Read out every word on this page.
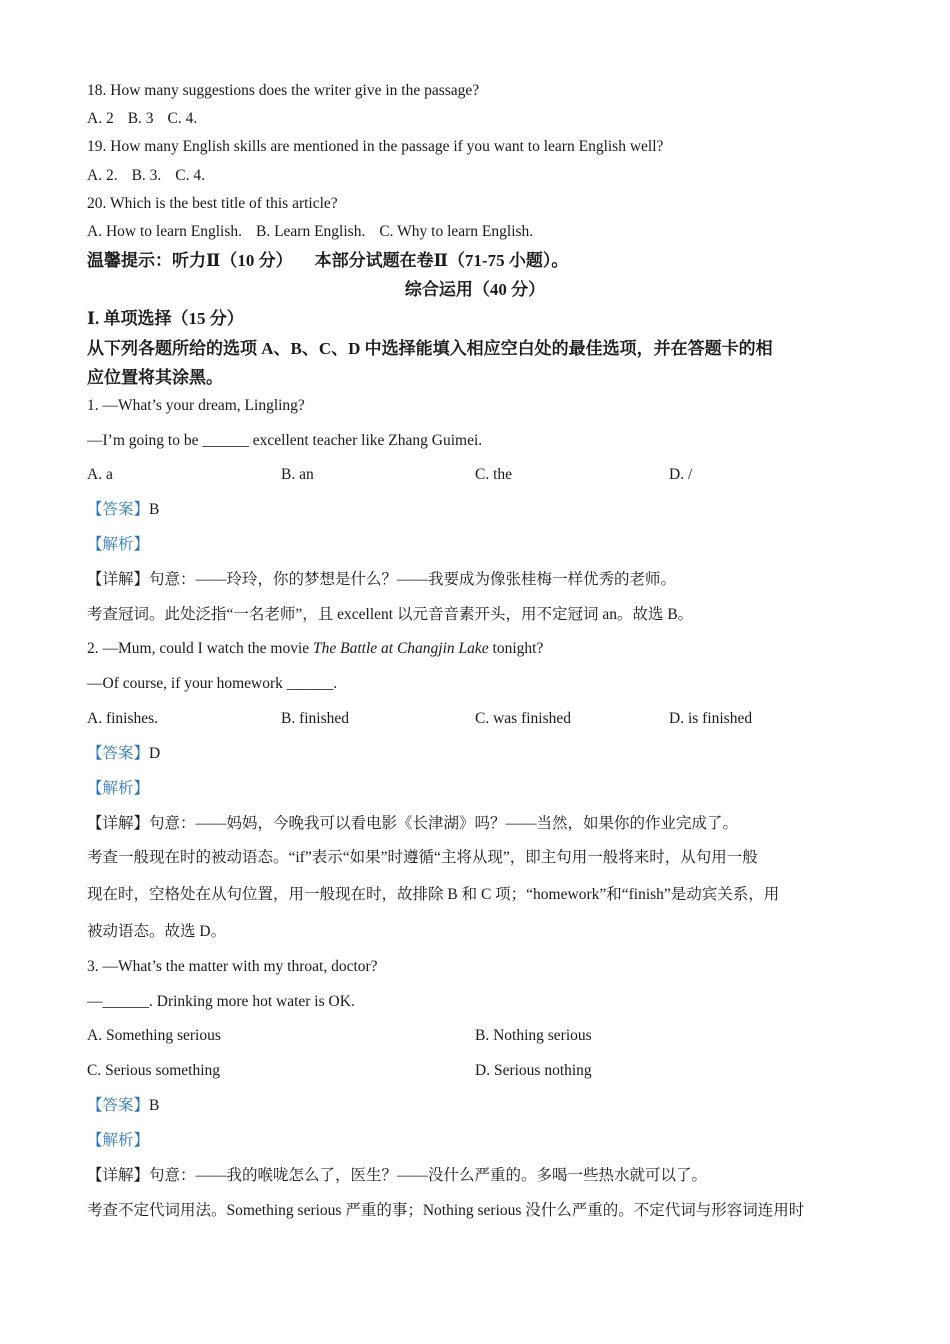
18. How many suggestions does the writer give in the passage?
A. 2 B. 3 C. 4.
19. How many English skills are mentioned in the passage if you want to learn English well?
A. 2. B. 3. C. 4.
20. Which is the best title of this article?
A. How to learn English. B. Learn English. C. Why to learn English.
温馨提示：听力Ⅱ（10 分） 本部分试题在卷Ⅱ（71-75 小题）。
综合运用（40 分）
Ⅰ. 单项选择（15 分）
从下列各题所给的选项 A、B、C、D 中选择能填入相应空白处的最佳选项，并在答题卡的相
应位置将其涂黑。
1. —What’s your dream, Lingling?
—I’m going to be ______ excellent teacher like Zhang Guimei.
A. a	B. an	C. the	D. /
【答案】B
【解析】
【详解】句意：——玲玲，你的梦想是什么？——我要成为像张桂梅一样优秀的老师。
考查冠词。此处泛指“一名老师”，且 excellent 以元音音素开头，用不定冠词 an。故选 B。
2. —Mum, could I watch the movie The Battle at Changjin Lake tonight?
—Of course, if your homework ______.
A. finishes.	B. finished	C. was finished	D. is finished
【答案】D
【解析】
【详解】句意：——妈妈，今晚我可以看电影《长津湖》吗？——当然，如果你的作业完成了。
考查一般现在时的被动语态。“if”表示“如果”时遵循“主将从现”，即主句用一般将来时，从句用一般
现在时，空格处在从句位置，用一般现在时，故排除 B 和 C 项；“homework”和“finish”是动宾关系，用
被动语态。故选 D。
3. —What’s the matter with my throat, doctor?
—______. Drinking more hot water is OK.
A. Something serious	B. Nothing serious
C. Serious something	D. Serious nothing
【答案】B
【解析】
【详解】句意：——我的喉咙怎么了，医生？——没什么严重的。多喝一些热水就可以了。
考查不定代词用法。Something serious 严重的事；Nothing serious 没什么严重的。不定代词与形容词连用时
